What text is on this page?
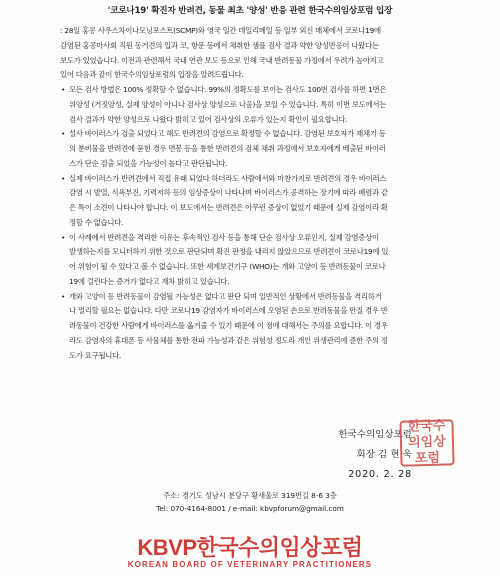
'코로나19' 확진자 반려견, 동물 최초 '양성' 반응 관련 한국수의임상포럼 입장

: 28일 홍콩 사우스차이나모닝포스트(SCMP)와 영국 일간 데일리메일 등 일부 외신 매체에서 코로나19에
감염된 홍콩마사회 직원 동거견의 입과 코, 항문 등에서 채취한 샘플 검사 결과 약한 양성반응이 나왔다는
보도가 있었습니다. 이전과 관련해서 국내 연관 보도 등으로 인해 국내 반려동물 가정에서 우려가 높아지고
있어 다음과 같이 한국수의임상포럼의 입장을 알려드립니다.

• 모든 검사 방법은 100% 정확할 수 없습니다. 99%의 정확도를 보이는 검사도 100번 검사를 하면 1번은
위양성 (거짓양성, 실제 양성이 아니나 검사상 양성으로 나옴)을 보일 수 있습니다. 특히 이번 보도에서는
검사 결과가 약한 양성으로 나왔다 밝히고 있어 검사상의 오류가 있는지 확인이 필요합니다.
• 설사 바이러스가 검출 되었다고 해도 반려견의 감염으로 확정할 수 없습니다. 감염된 보호자가 재채기 등
의 분비물을 반려견에 묻힌 경우 면봉 등을 통한 반려견의 검체 채취 과정에서 보호자에게 배출된 바이러
스가 단순 검출 되었을 가능성이 높다고 판단됩니다.
• 실제 바이러스가 반려견에서 직접 유래 되었다 하더라도 사람에서와 마찬가지로 반려견의 경우 바이러스
감염 시 발열, 식욕부진, 기력저하 등의 임상증상이 나타나며 바이러스가 공격하는 장기에 따라 폐렴과 같
은 특이 소견이 나타나야 합니다. 이 보도에서는 반려견은 아무런 증상이 없었기 때문에 실제 감염이라 확
정할 수 없습니다.
• 이 사례에서 반려견을 격리한 이유는 후속적인 검사 등을 통해 단순 검사상 오류인지, 실제 감염증상이
발생하는지를 모니터하기 위한 것으로 판단되며 확진 판정을 내리지 않았으므로 반려견이 코로나19에 있
어 위험이 될 수 있다고 볼 수 없습니다. 또한 세계보건기구 (WHO)는 개와 고양이 등 반려동물이 코로나
19에 걸린다는 증거가 없다고 재차 밝히고 있습니다.
• 개와 고양이 등 반려동물이 감염될 가능성은 없다고 판단 되며 일반적인 상황에서 반려동물을 격리하거
나 멀리할 필요는 없습니다. 다만 코로나19 감염자가 바이러스에 오염된 손으로 반려동물을 만질 경우 반
려동물이 건강한 사람에게 바이러스를 옮겨줄 수 있기 때문에 이 점에 대해서는 주의를 요합니다. 이 경우
라도 감염자의 휴대폰 등 사물체를 통한 전파 가능성과 같은 위험성 정도라 개인 위생관리에 준한 주의 정
도가 요구됩니다.
한국수의임상포럼
회장 김 현 욱
2020. 2. 28
한국수
의임상
포럼
주소: 경기도 성남시 분당구 황새울로 319번길 8-6 3층
Tel: 070-4164-8001 / e-mail: kbvpforum@gmail.com
KBVP한국수의임상포럼
KOREAN BOARD OF VETERINARY PRACTITIONERS
